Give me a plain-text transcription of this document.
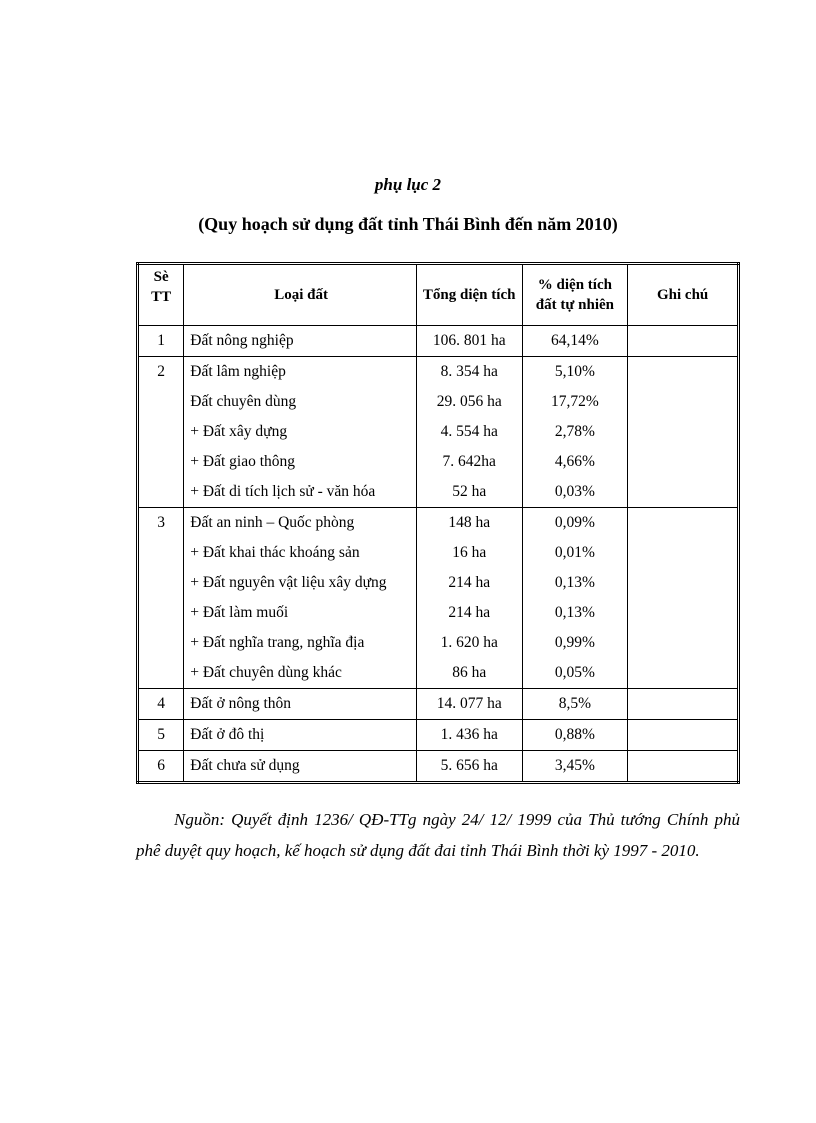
phụ lục 2
(Quy hoạch sử dụng đất tỉnh Thái Bình đến năm 2010)
Sè TT	Loại đất	Tổng diện tích	% diện tích đất tự nhiên	Ghi chú
1	Đất nông nghiệp	106. 801 ha	64,14%	
2	Đất lâm nghiệp	8. 354 ha	5,10%	
	Đất chuyên dùng	29. 056 ha	17,72%	
	+ Đất xây dựng	4. 554 ha	2,78%	
	+ Đất giao thông	7. 642ha	4,66%	
	+ Đất di tích lịch sử - văn hóa	52 ha	0,03%	
3	Đất an ninh – Quốc phòng	148 ha	0,09%	
	+ Đất khai thác khoáng sản	16 ha	0,01%	
	+ Đất nguyên vật liệu xây dựng	214 ha	0,13%	
	+ Đất làm muối	214 ha	0,13%	
	+ Đất nghĩa trang, nghĩa địa	1. 620 ha	0,99%	
	+ Đất chuyên dùng khác	86 ha	0,05%	
4	Đất ở nông thôn	14. 077 ha	8,5%	
5	Đất ở đô thị	1. 436 ha	0,88%	
6	Đất chưa sử dụng	5. 656 ha	3,45%	

Nguồn: Quyết định 1236/ QĐ-TTg ngày 24/ 12/ 1999 của Thủ tướng Chính phủ phê duyệt quy hoạch, kế hoạch sử dụng đất đai tỉnh Thái Bình thời kỳ 1997 - 2010.
